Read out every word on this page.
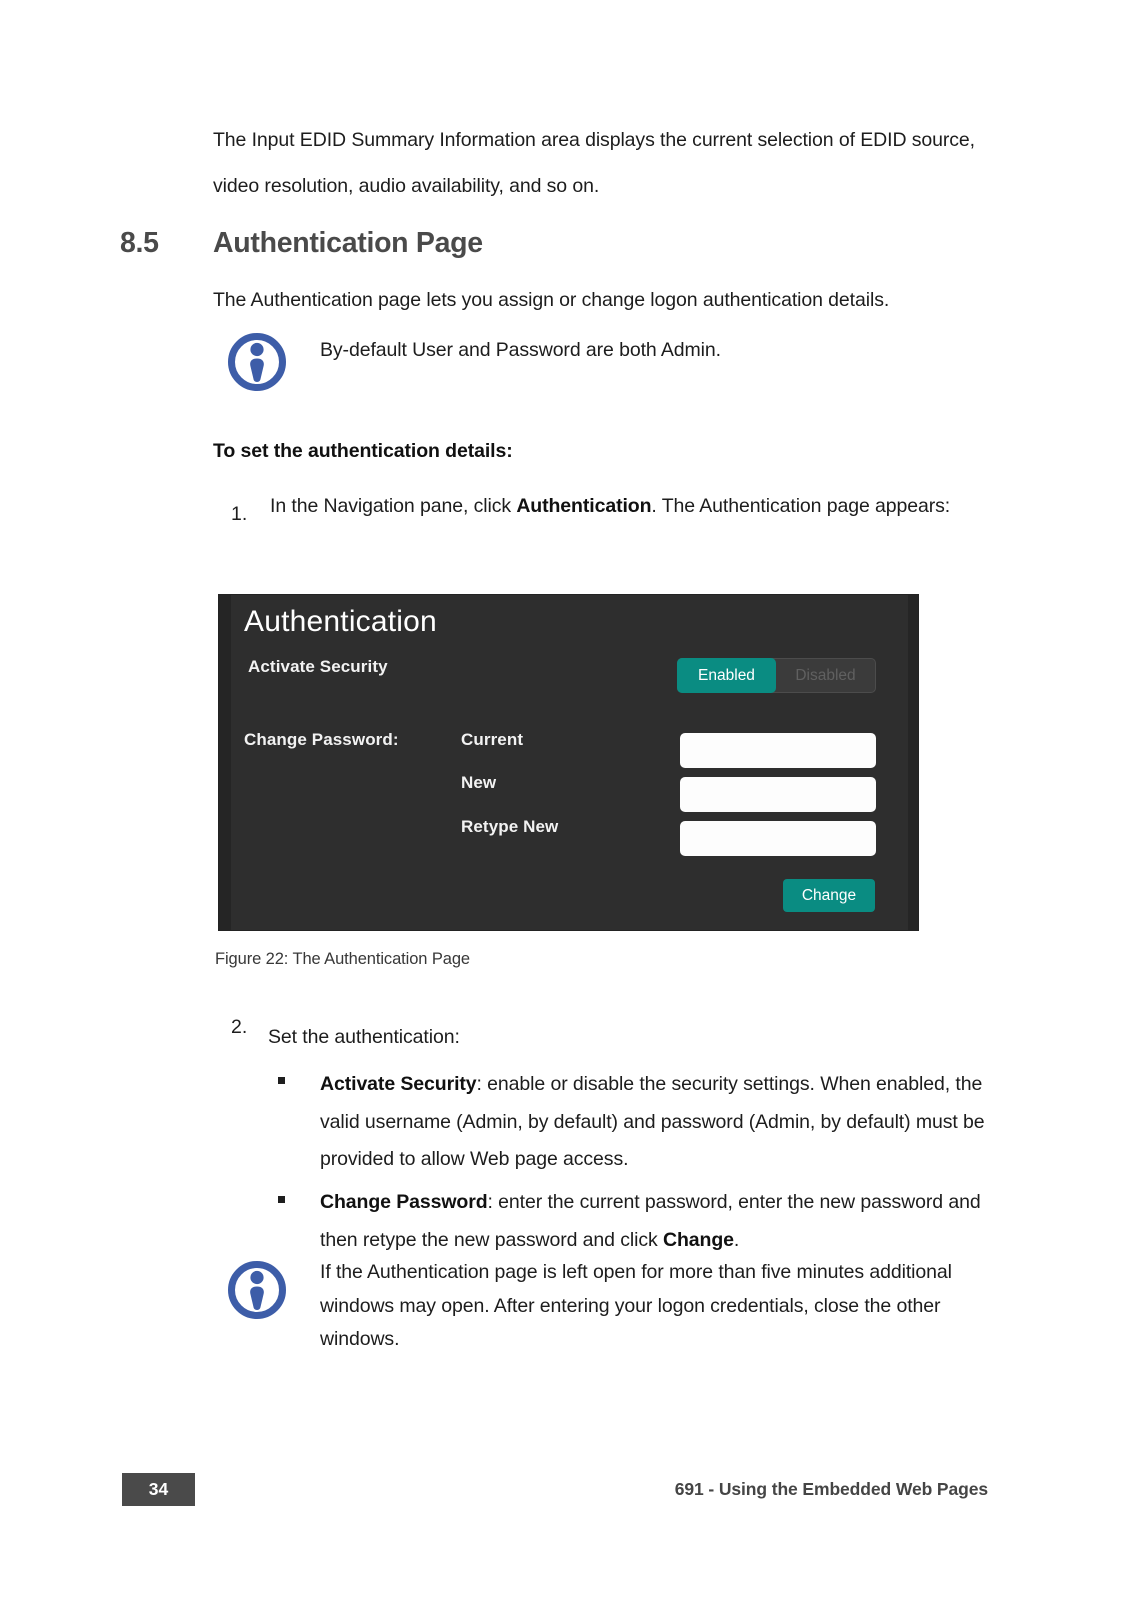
The Input EDID Summary Information area displays the current selection of EDID source, video resolution, audio availability, and so on.
8.5 Authentication Page
The Authentication page lets you assign or change logon authentication details.
By-default User and Password are both Admin.
To set the authentication details:
1. In the Navigation pane, click Authentication. The Authentication page appears:
Authentication
Activate Security	Enabled	Disabled
Change Password:	Current
New
Retype New
Change
Figure 22: The Authentication Page
2. Set the authentication:
Activate Security: enable or disable the security settings. When enabled, the valid username (Admin, by default) and password (Admin, by default) must be provided to allow Web page access.
Change Password: enter the current password, enter the new password and then retype the new password and click Change.
If the Authentication page is left open for more than five minutes additional windows may open. After entering your logon credentials, close the other windows.
34	691 - Using the Embedded Web Pages
